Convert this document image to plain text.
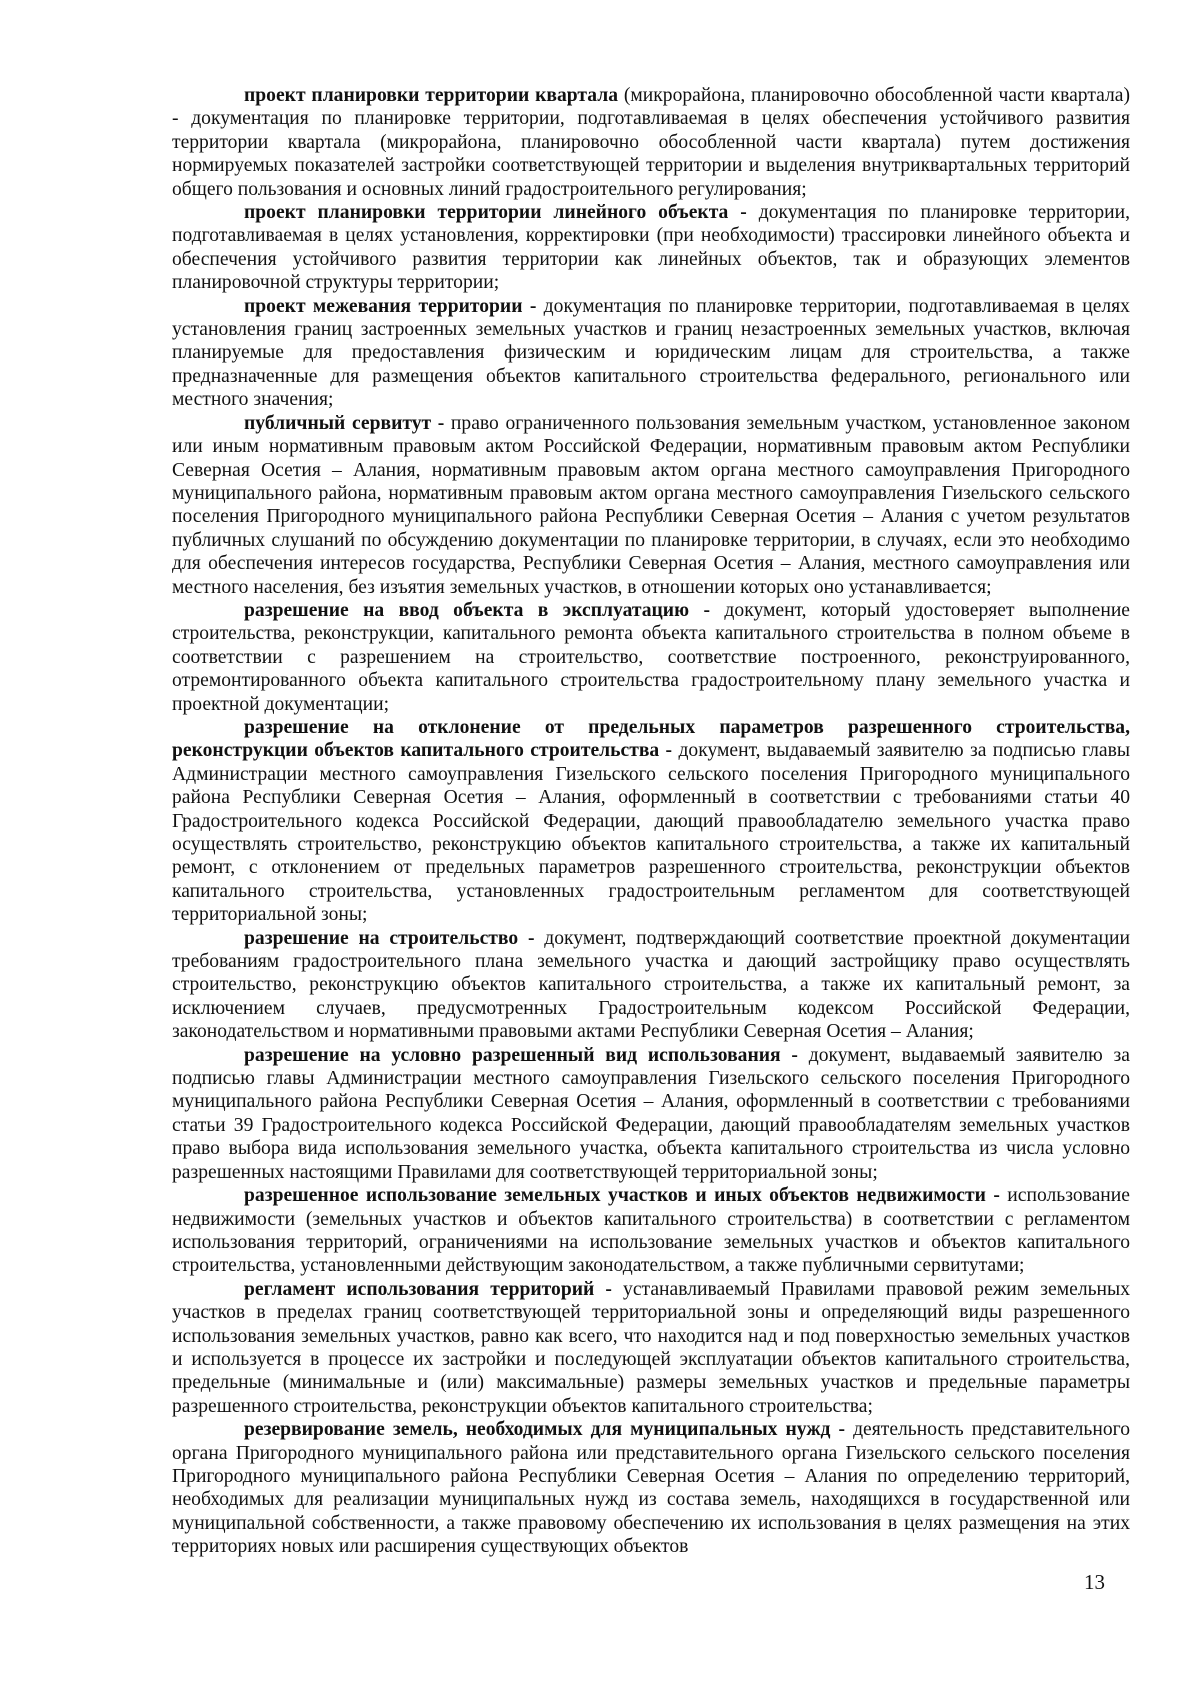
проект планировки территории квартала (микрорайона, планировочно обособленной части квартала) - документация по планировке территории, подготавливаемая в целях обеспечения устойчивого развития территории квартала (микрорайона, планировочно обособленной части квартала) путем достижения нормируемых показателей застройки соответствующей территории и выделения внутриквартальных территорий общего пользования и основных линий градостроительного регулирования;

проект планировки территории линейного объекта - документация по планировке территории, подготавливаемая в целях установления, корректировки (при необходимости) трассировки линейного объекта и обеспечения устойчивого развития территории как линейных объектов, так и образующих элементов планировочной структуры территории;

проект межевания территории - документация по планировке территории, подготавливаемая в целях установления границ застроенных земельных участков и границ незастроенных земельных участков, включая планируемые для предоставления физическим и юридическим лицам для строительства, а также предназначенные для размещения объектов капитального строительства федерального, регионального или местного значения;

публичный сервитут - право ограниченного пользования земельным участком, установленное законом или иным нормативным правовым актом Российской Федерации, нормативным правовым актом Республики Северная Осетия – Алания, нормативным правовым актом органа местного самоуправления Пригородного муниципального района, нормативным правовым актом органа местного самоуправления Гизельского сельского поселения Пригородного муниципального района Республики Северная Осетия – Алания с учетом результатов публичных слушаний по обсуждению документации по планировке территории, в случаях, если это необходимо для обеспечения интересов государства, Республики Северная Осетия – Алания, местного самоуправления или местного населения, без изъятия земельных участков, в отношении которых оно устанавливается;

разрешение на ввод объекта в эксплуатацию - документ, который удостоверяет выполнение строительства, реконструкции, капитального ремонта объекта капитального строительства в полном объеме в соответствии с разрешением на строительство, соответствие построенного, реконструированного, отремонтированного объекта капитального строительства градостроительному плану земельного участка и проектной документации;

разрешение на отклонение от предельных параметров разрешенного строительства, реконструкции объектов капитального строительства - документ, выдаваемый заявителю за подписью главы Администрации местного самоуправления Гизельского сельского поселения Пригородного муниципального района Республики Северная Осетия – Алания, оформленный в соответствии с требованиями статьи 40 Градостроительного кодекса Российской Федерации, дающий правообладателю земельного участка право осуществлять строительство, реконструкцию объектов капитального строительства, а также их капитальный ремонт, с отклонением от предельных параметров разрешенного строительства, реконструкции объектов капитального строительства, установленных градостроительным регламентом для соответствующей территориальной зоны;

разрешение на строительство - документ, подтверждающий соответствие проектной документации требованиям градостроительного плана земельного участка и дающий застройщику право осуществлять строительство, реконструкцию объектов капитального строительства, а также их капитальный ремонт, за исключением случаев, предусмотренных Градостроительным кодексом Российской Федерации, законодательством и нормативными правовыми актами Республики Северная Осетия – Алания;

разрешение на условно разрешенный вид использования - документ, выдаваемый заявителю за подписью главы Администрации местного самоуправления Гизельского сельского поселения Пригородного муниципального района Республики Северная Осетия – Алания, оформленный в соответствии с требованиями статьи 39 Градостроительного кодекса Российской Федерации, дающий правообладателям земельных участков право выбора вида использования земельного участка, объекта капитального строительства из числа условно разрешенных настоящими Правилами для соответствующей территориальной зоны;

разрешенное использование земельных участков и иных объектов недвижимости - использование недвижимости (земельных участков и объектов капитального строительства) в соответствии с регламентом использования территорий, ограничениями на использование земельных участков и объектов капитального строительства, установленными действующим законодательством, а также публичными сервитутами;

регламент использования территорий - устанавливаемый Правилами правовой режим земельных участков в пределах границ соответствующей территориальной зоны и определяющий виды разрешенного использования земельных участков, равно как всего, что находится над и под поверхностью земельных участков и используется в процессе их застройки и последующей эксплуатации объектов капитального строительства, предельные (минимальные и (или) максимальные) размеры земельных участков и предельные параметры разрешенного строительства, реконструкции объектов капитального строительства;

резервирование земель, необходимых для муниципальных нужд - деятельность представительного органа Пригородного муниципального района или представительного органа Гизельского сельского поселения Пригородного муниципального района Республики Северная Осетия – Алания по определению территорий, необходимых для реализации муниципальных нужд из состава земель, находящихся в государственной или муниципальной собственности, а также правовому обеспечению их использования в целях размещения на этих территориях новых или расширения существующих объектов

13
